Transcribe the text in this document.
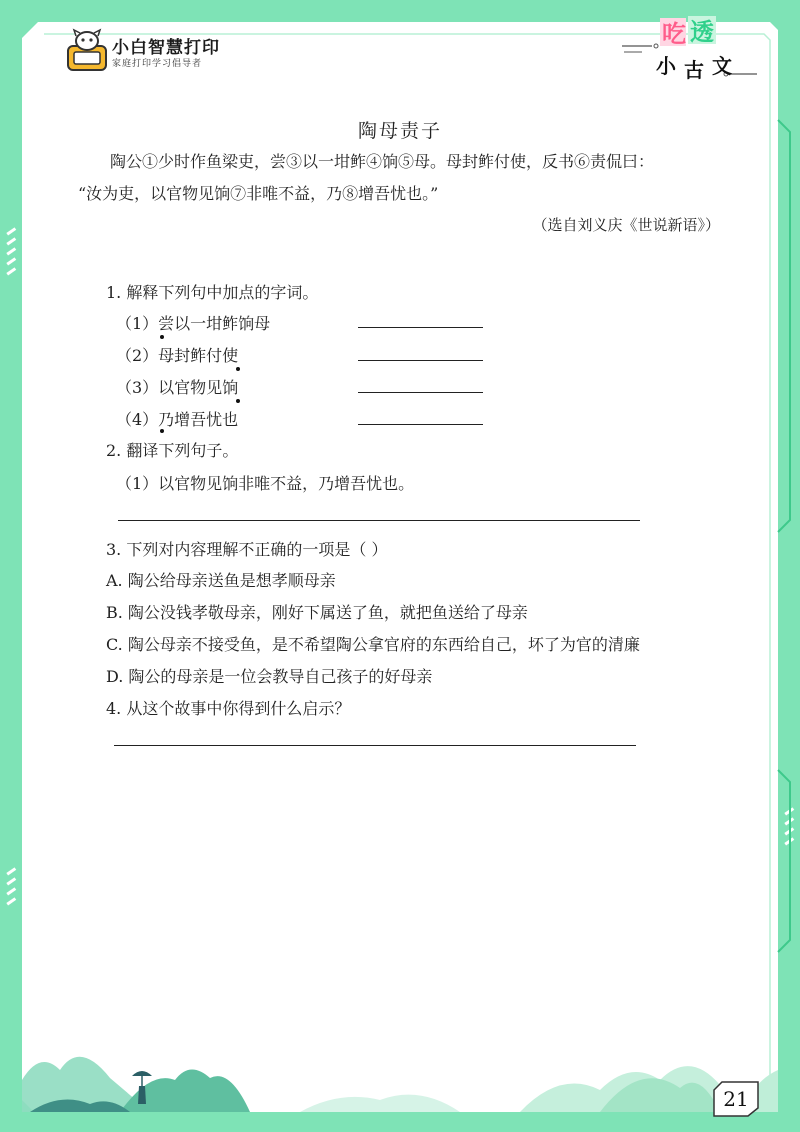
小白智慧打印
家庭打印学习倡导者
吃 透
小 古 文
陶母责子

陶公①少时作鱼梁吏，尝③以一坩鲊④饷⑤母。母封鲊付使，反书⑥责侃曰：

“汝为吏，以官物见饷⑦非唯不益，乃⑧增吾忧也。”

（选自刘义庆《世说新语》）
1. 解释下列句中加点的字词。
（1）尝以一坩鲊饷母
（2）母封鲊付使
（3）以官物见饷
（4）乃增吾忧也
2. 翻译下列句子。
（1）以官物见饷非唯不益，乃增吾忧也。
3. 下列对内容理解不正确的一项是（ ）
A. 陶公给母亲送鱼是想孝顺母亲
B. 陶公没钱孝敬母亲，刚好下属送了鱼，就把鱼送给了母亲
C. 陶公母亲不接受鱼，是不希望陶公拿官府的东西给自己，坏了为官的清廉
D. 陶公的母亲是一位会教导自己孩子的好母亲
4. 从这个故事中你得到什么启示？
21
